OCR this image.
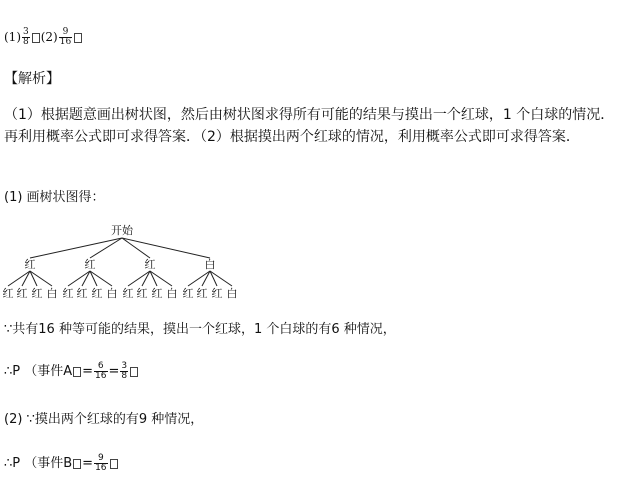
$(1) \frac{3}{8} (2) \frac{9}{16}$
【解析】
（1）根据题意画出树状图，然后由树状图求得所有可能的结果与摸出一个红球，1 个白球的情况．再利用概率公式即可求得答案．（2）根据摸出两个红球的情况，利用概率公式即可求得答案．
(1) 画树状图得：
开始
红	红	红	白
红 红 红 白 红 红 红 白 红 红 红 白 红 红 红 白
∵共有16 种等可能的结果，摸出一个红球，1 个白球的有6 种情况，
∴P （事件$A = \frac{6}{16} = \frac{3}{8}$
(2) ∵摸出两个红球的有9 种情况，
∴P （事件$B = \frac{9}{16}$
